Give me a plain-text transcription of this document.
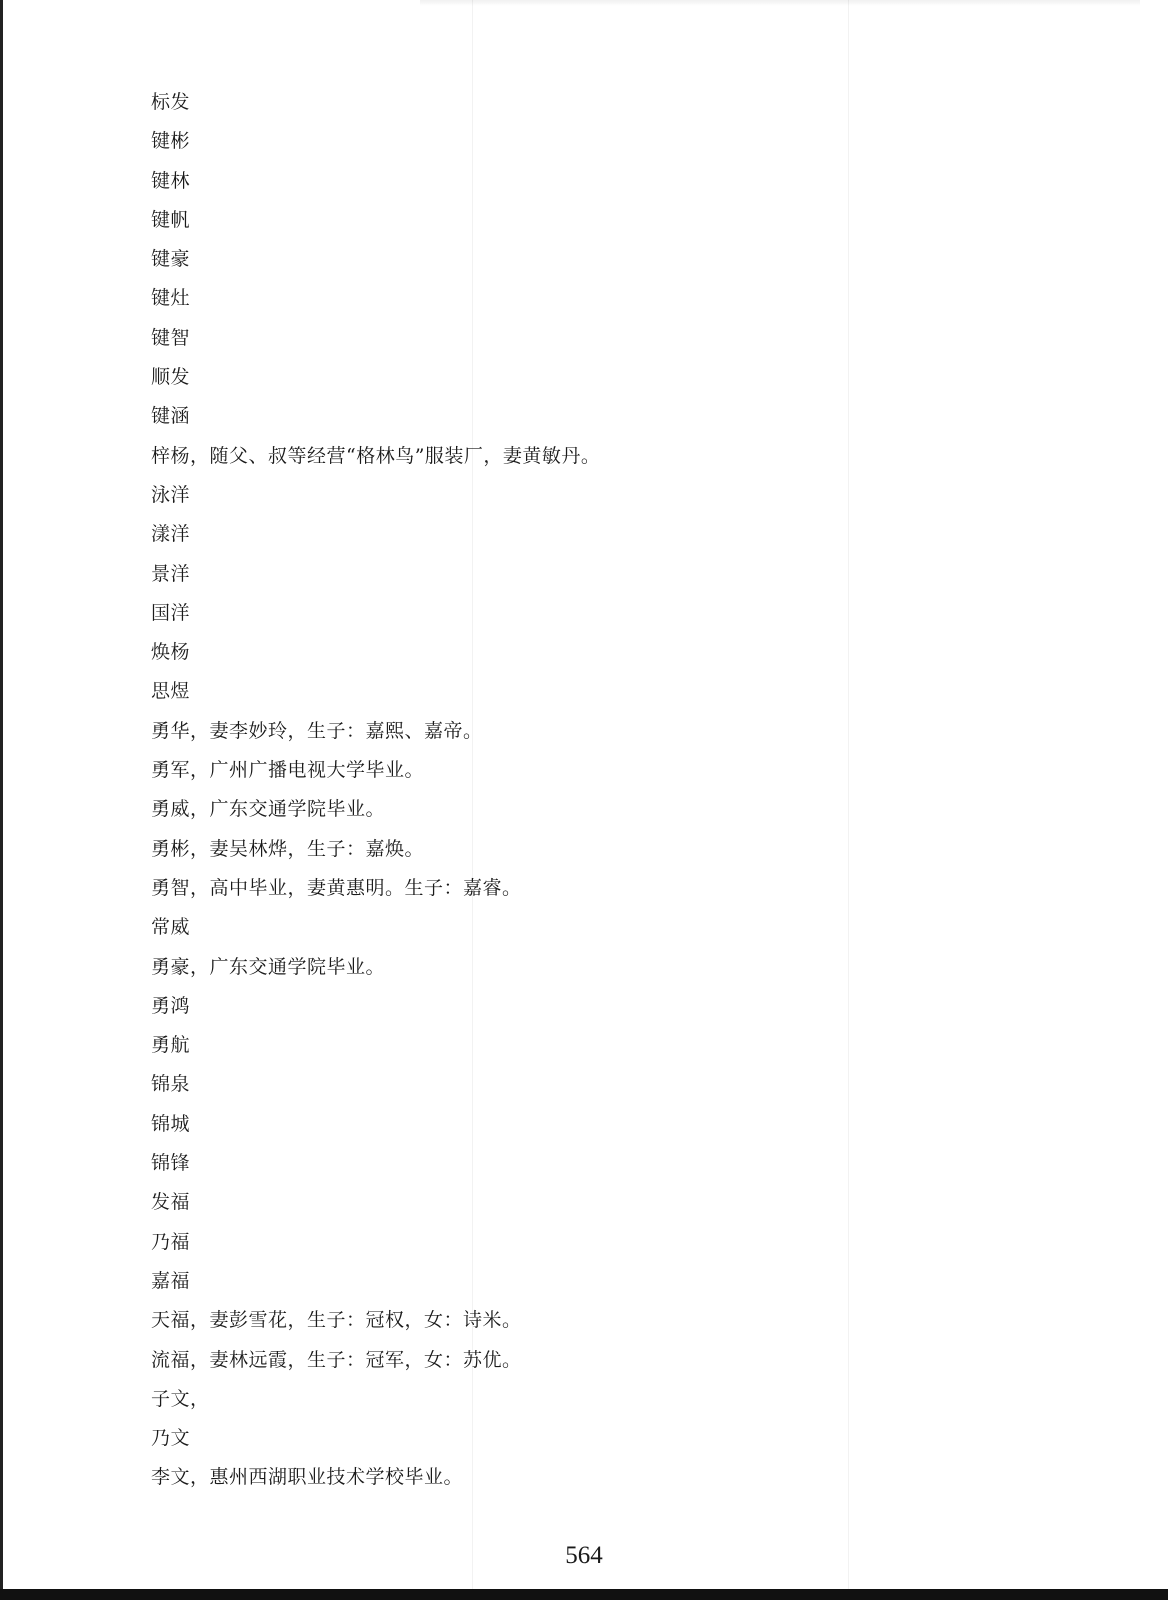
标发
键彬
键林
键帆
键豪
键灶
键智
顺发
键涵
梓杨，随父、叔等经营“格林鸟”服装厂，妻黄敏丹。
泳洋
漾洋
景洋
国洋
焕杨
思煜
勇华，妻李妙玲，生子：嘉熙、嘉帝。
勇军，广州广播电视大学毕业。
勇威，广东交通学院毕业。
勇彬，妻吴林烨，生子：嘉焕。
勇智，高中毕业，妻黄惠明。生子：嘉睿。
常威
勇豪，广东交通学院毕业。
勇鸿
勇航
锦泉
锦城
锦锋
发福
乃福
嘉福
天福，妻彭雪花，生子：冠权，女：诗米。
流福，妻林远霞，生子：冠军，女：苏优。
子文，
乃文
李文，惠州西湖职业技术学校毕业。
564
